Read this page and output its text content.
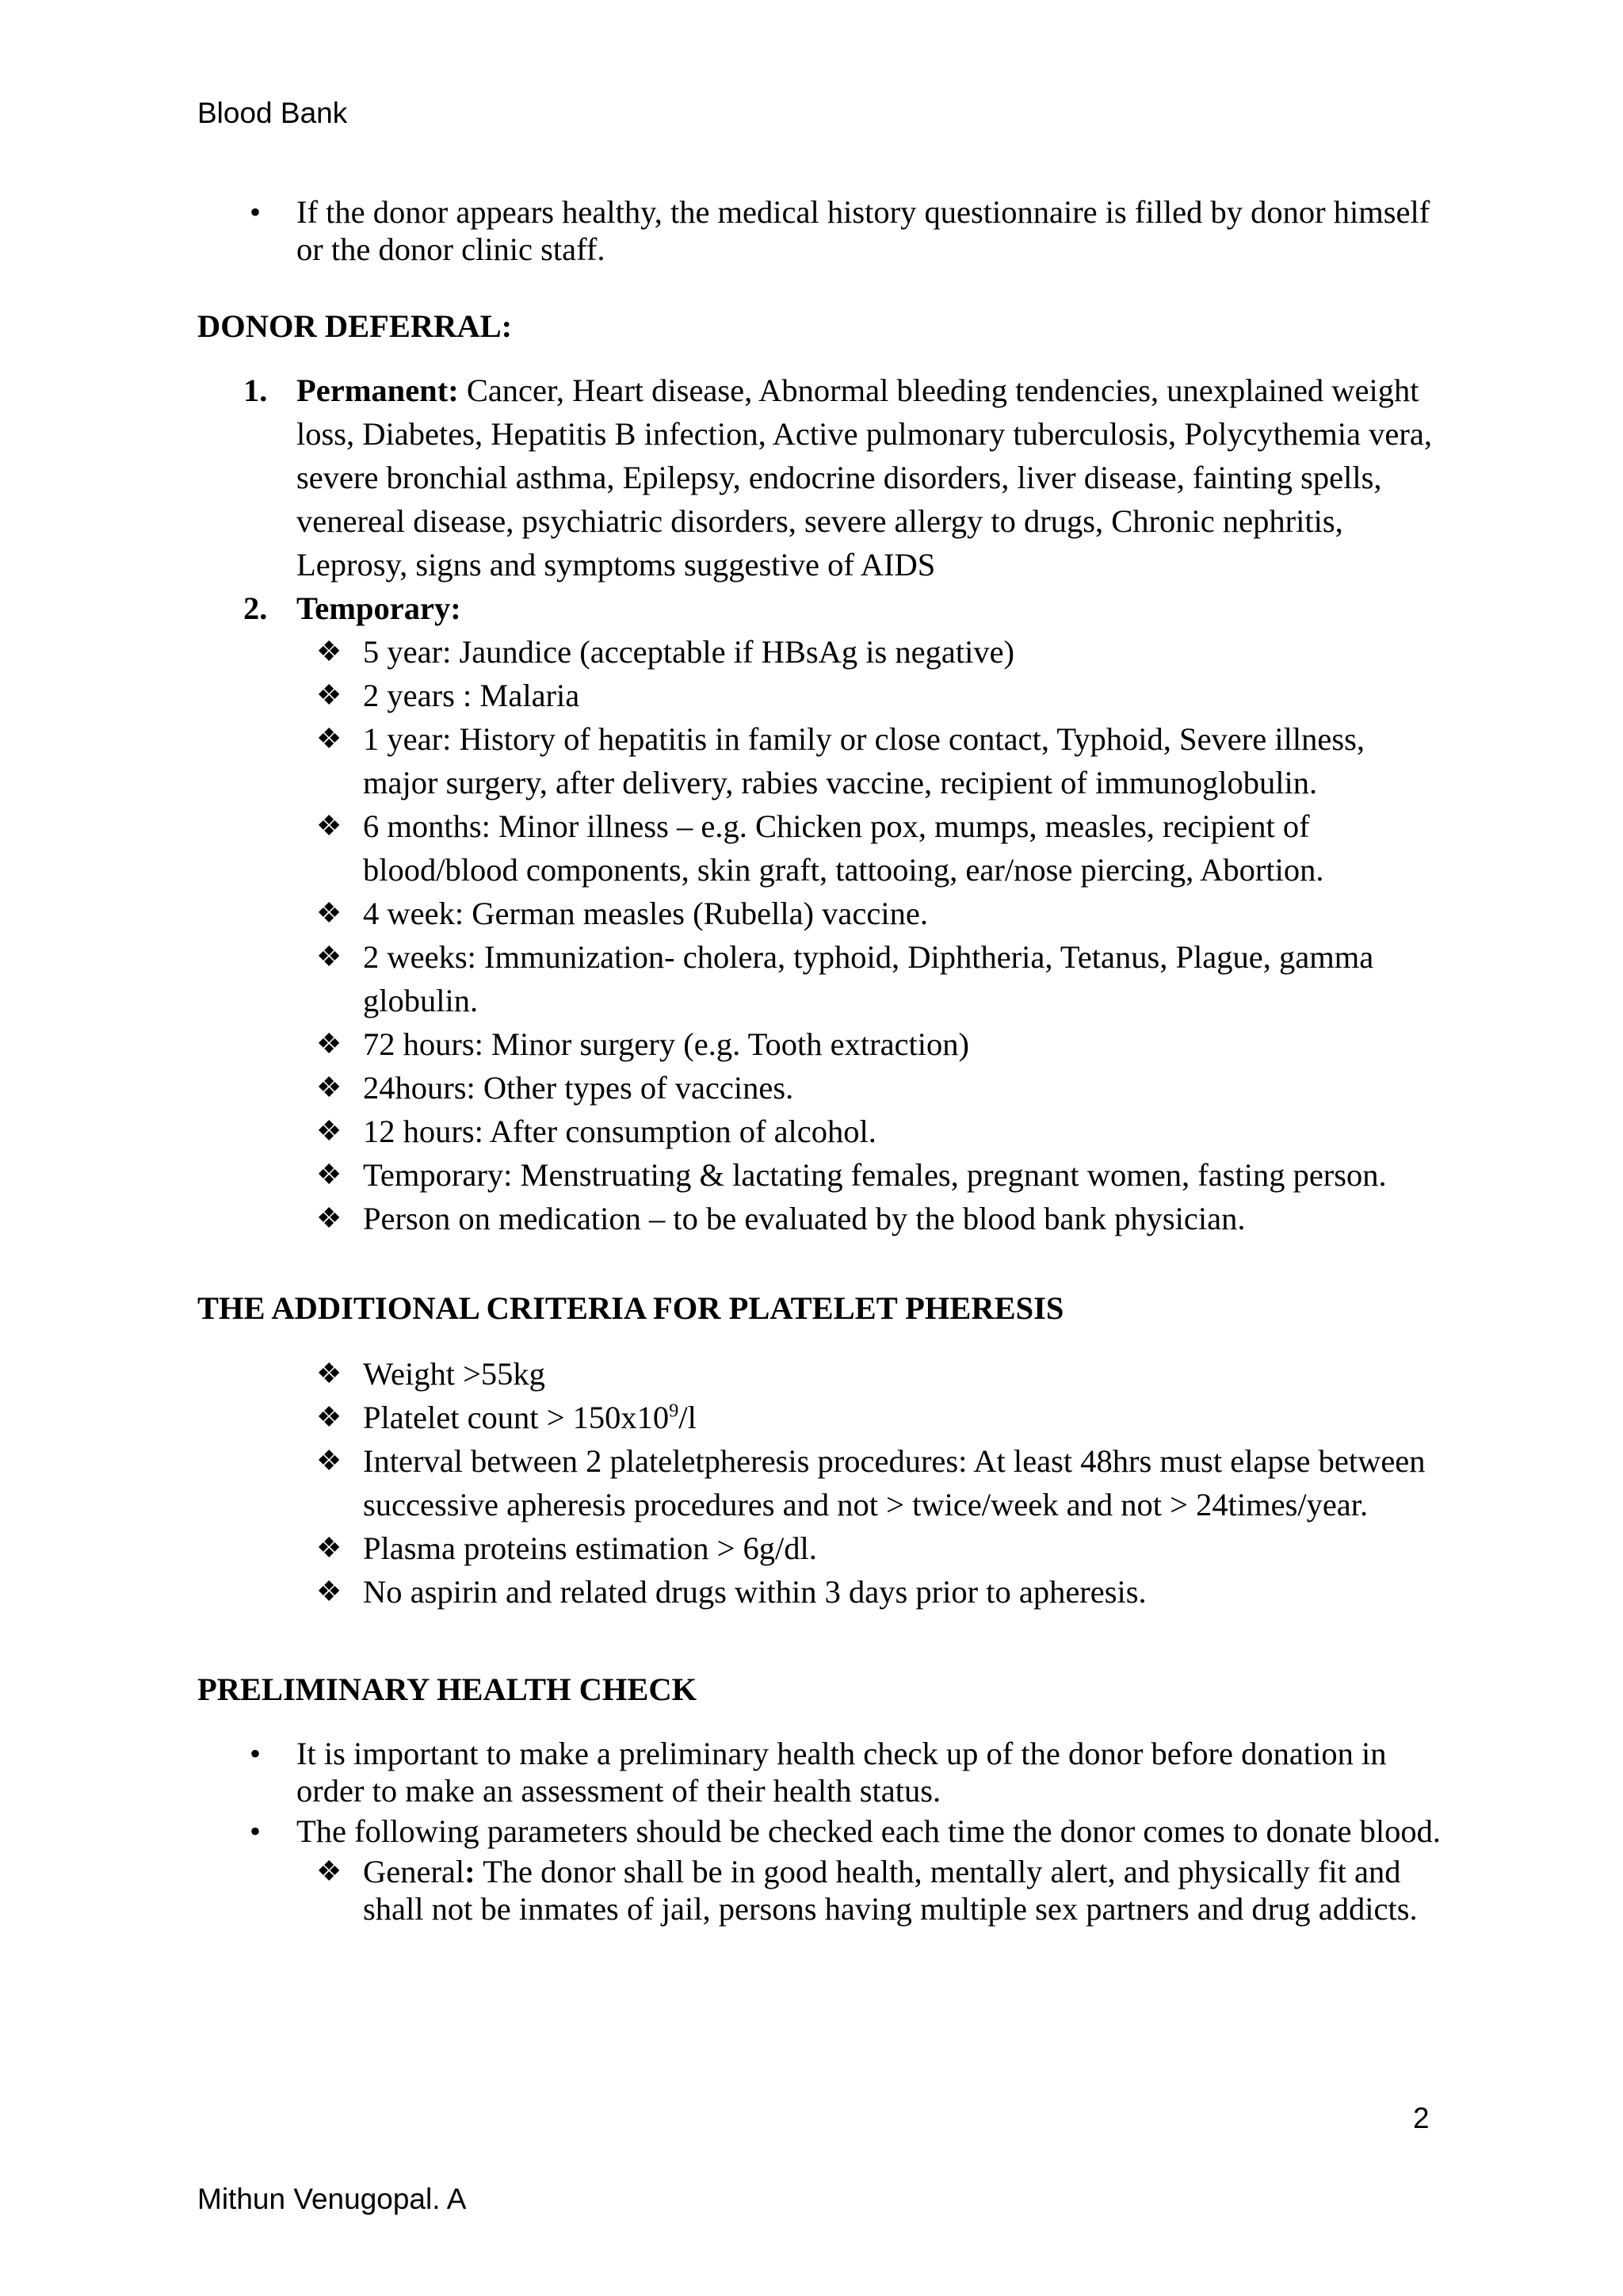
Blood Bank
• If the donor appears healthy, the medical history questionnaire is filled by donor himself or the donor clinic staff.
DONOR DEFERRAL:
1. Permanent: Cancer, Heart disease, Abnormal bleeding tendencies, unexplained weight loss, Diabetes, Hepatitis B infection, Active pulmonary tuberculosis, Polycythemia vera, severe bronchial asthma, Epilepsy, endocrine disorders, liver disease, fainting spells, venereal disease, psychiatric disorders, severe allergy to drugs, Chronic nephritis, Leprosy, signs and symptoms suggestive of AIDS
2. Temporary:
❖ 5 year: Jaundice (acceptable if HBsAg is negative)
❖ 2 years : Malaria
❖ 1 year: History of hepatitis in family or close contact, Typhoid, Severe illness, major surgery, after delivery, rabies vaccine, recipient of immunoglobulin.
❖ 6 months: Minor illness – e.g. Chicken pox, mumps, measles, recipient of blood/blood components, skin graft, tattooing, ear/nose piercing, Abortion.
❖ 4 week: German measles (Rubella) vaccine.
❖ 2 weeks: Immunization- cholera, typhoid, Diphtheria, Tetanus, Plague, gamma globulin.
❖ 72 hours: Minor surgery (e.g. Tooth extraction)
❖ 24hours: Other types of vaccines.
❖ 12 hours: After consumption of alcohol.
❖ Temporary: Menstruating & lactating females, pregnant women, fasting person.
❖ Person on medication – to be evaluated by the blood bank physician.
THE ADDITIONAL CRITERIA FOR PLATELET PHERESIS
❖ Weight >55kg
❖ Platelet count > $150x10^9/l$
❖ Interval between 2 plateletpheresis procedures: At least 48hrs must elapse between successive apheresis procedures and not > twice/week and not > 24times/year.
❖ Plasma proteins estimation > 6g/dl.
❖ No aspirin and related drugs within 3 days prior to apheresis.
PRELIMINARY HEALTH CHECK
• It is important to make a preliminary health check up of the donor before donation in order to make an assessment of their health status.
• The following parameters should be checked each time the donor comes to donate blood.
❖ General: The donor shall be in good health, mentally alert, and physically fit and shall not be inmates of jail, persons having multiple sex partners and drug addicts.
2
Mithun Venugopal. A
